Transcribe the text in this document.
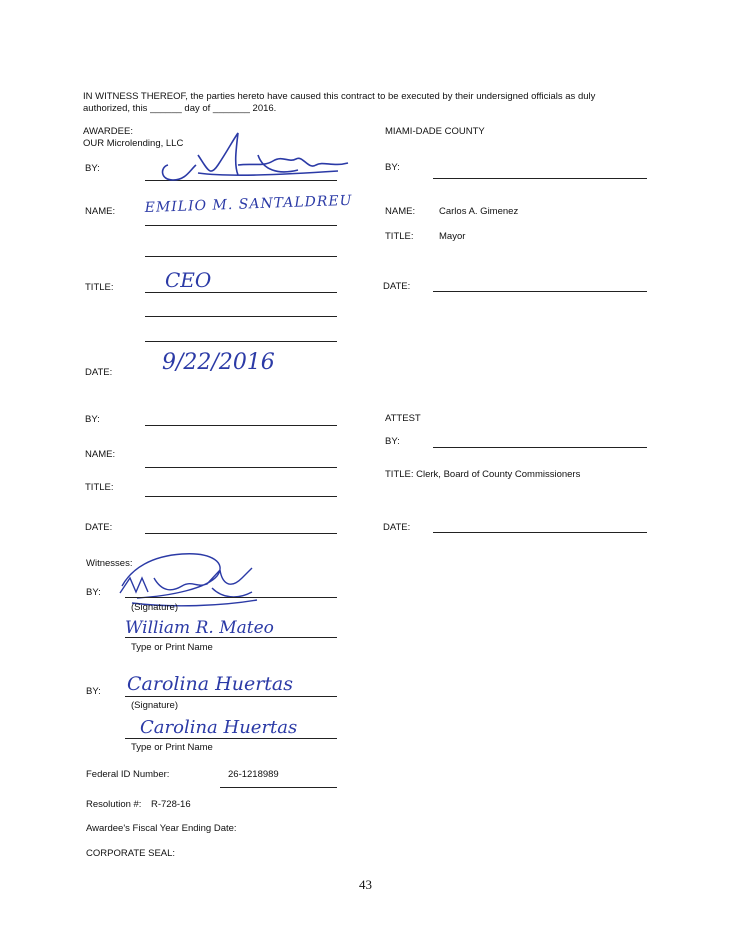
IN WITNESS THEREOF, the parties hereto have caused this contract to be executed by their undersigned officials as duly
authorized, this ______ day of _______ 2016.
AWARDEE:
OUR Microlending, LLC
BY:
NAME: EMILIO M. SANTALDREU
TITLE:	CEO
DATE: 9/22/2016
BY:
NAME:
TITLE:
DATE:
MIAMI-DADE COUNTY
BY:
NAME:	Carlos A. Gimenez
TITLE:	Mayor
DATE:
ATTEST
BY:
TITLE: Clerk, Board of County Commissioners
DATE:
Witnesses:
BY:
(Signature)
William R. Mateo
Type or Print Name
BY: Carolina Huertas
(Signature)
Carolina Huertas
Type or Print Name
Federal ID Number:	26-1218989
Resolution #: R-728-16
Awardee's Fiscal Year Ending Date:
CORPORATE SEAL:
43
